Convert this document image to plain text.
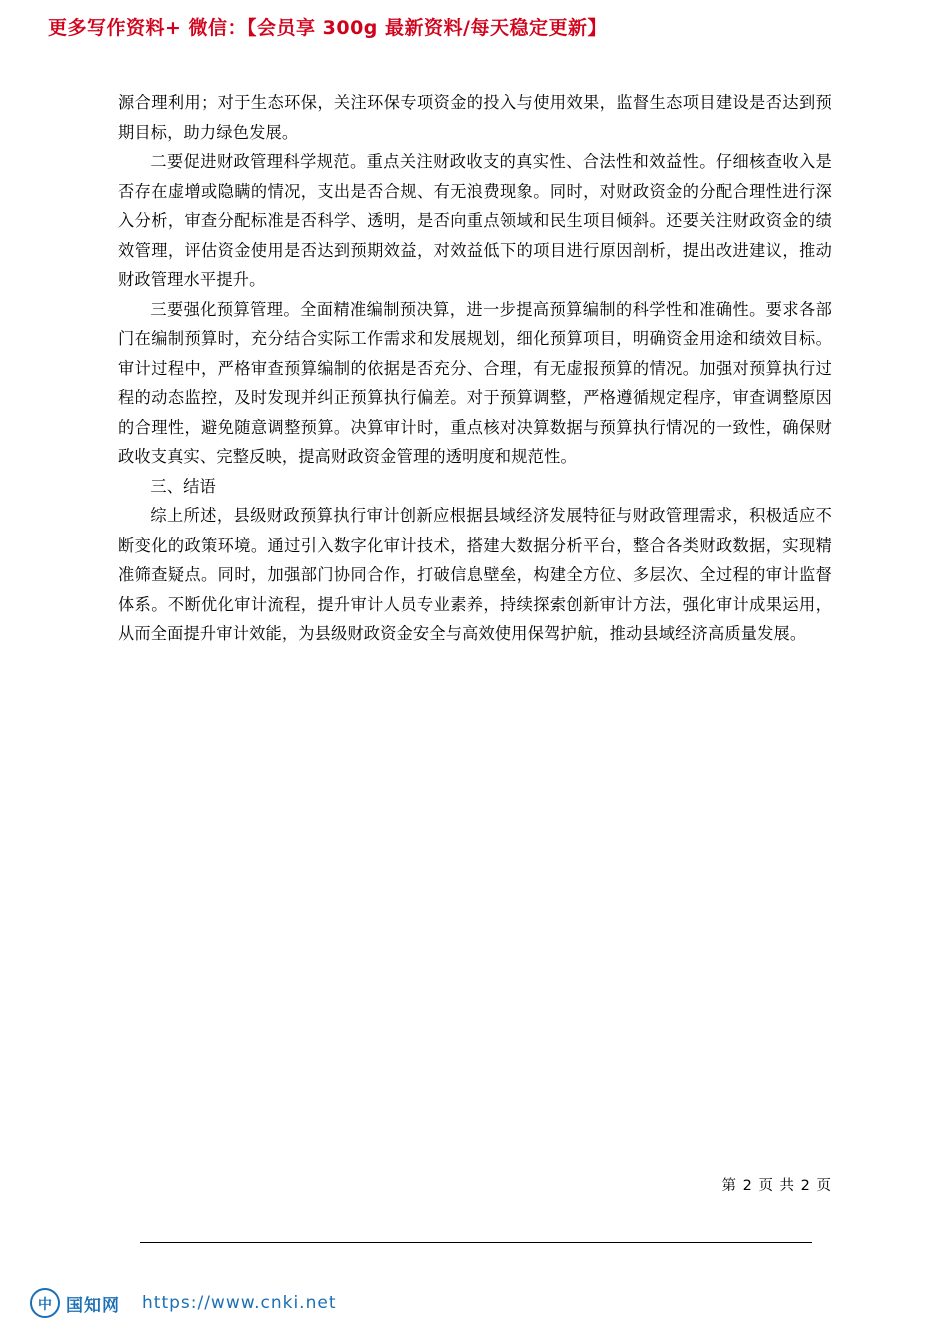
更多写作资料+ 微信：【会员享 300g 最新资料/每天稳定更新】

源合理利用；对于生态环保，关注环保专项资金的投入与使用效果，监督生态项目建设是否达到预期目标，助力绿色发展。

二要促进财政管理科学规范。重点关注财政收支的真实性、合法性和效益性。仔细核查收入是否存在虚增或隐瞒的情况，支出是否合规、有无浪费现象。同时，对财政资金的分配合理性进行深入分析，审查分配标准是否科学、透明，是否向重点领域和民生项目倾斜。还要关注财政资金的绩效管理，评估资金使用是否达到预期效益，对效益低下的项目进行原因剖析，提出改进建议，推动财政管理水平提升。

三要强化预算管理。全面精准编制预决算，进一步提高预算编制的科学性和准确性。要求各部门在编制预算时，充分结合实际工作需求和发展规划，细化预算项目，明确资金用途和绩效目标。审计过程中，严格审查预算编制的依据是否充分、合理，有无虚报预算的情况。加强对预算执行过程的动态监控，及时发现并纠正预算执行偏差。对于预算调整，严格遵循规定程序，审查调整原因的合理性，避免随意调整预算。决算审计时，重点核对决算数据与预算执行情况的一致性，确保财政收支真实、完整反映，提高财政资金管理的透明度和规范性。

三、结语

综上所述，县级财政预算执行审计创新应根据县域经济发展特征与财政管理需求，积极适应不断变化的政策环境。通过引入数字化审计技术，搭建大数据分析平台，整合各类财政数据，实现精准筛查疑点。同时，加强部门协同合作，打破信息壁垒，构建全方位、多层次、全过程的审计监督体系。不断优化审计流程，提升审计人员专业素养，持续探索创新审计方法，强化审计成果运用，从而全面提升审计效能，为县级财政资金安全与高效使用保驾护航，推动县域经济高质量发展。

第 2 页 共 2 页
中 国知网 https://www.cnki.net
